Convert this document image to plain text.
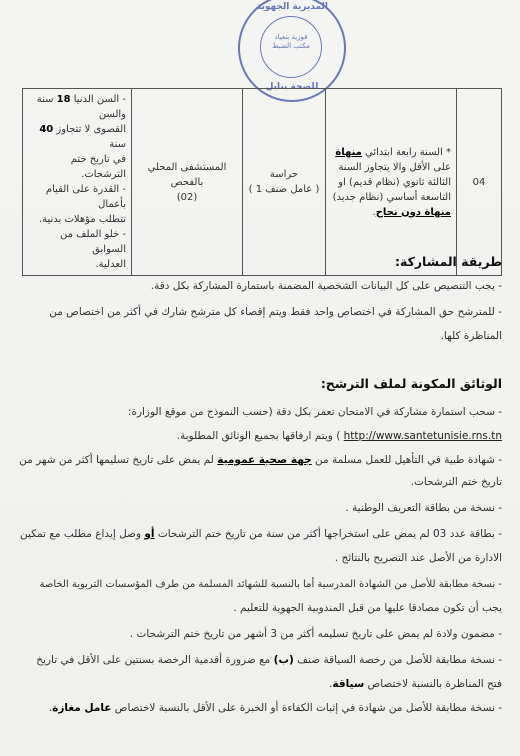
المديرية الجهوية
فوزية بنعياد
مكتب الضبط
للصحة بنابل
04	* السنة رابعة ابتدائي منهاة
على الأقل والا يتجاوز السنة
الثالثة ثانوي (نظام قديم) او
التاسعة أساسي (نظام جديد)
منهاة دون نجاح.	حراسة
( عامل صنف 1 )	المستشفى المحلي
بالفحص
(02)	- السن الدنيا 18 سنة والسن
القصوى لا تتجاوز 40 سنة
في تاريخ ختم الترشحات.
- القدرة على القيام بأعمال
تتطلب مؤهلات بدنية.
- خلو الملف من السوابق
العدلية.	طريقة المشاركة:
- يجب التنصيص على كل البيانات الشخصية المضمنة باستمارة المشاركة بكل دقة.
- للمترشح حق المشاركة في اختصاص واحد فقط ويتم إقصاء كل مترشح شارك في أكثر من اختصاص من
المناظرة كلها.
الوثائق المكونة لملف الترشح:
- سحب استمارة مشاركة في الامتحان تعمر بكل دقة (حسب النموذج من موقع الوزارة:
http://www.santetunisie.rns.tn ) ويتم ارفاقها بجميع الوثائق المطلوبة.
- شهادة طبية في التأهيل للعمل مسلمة من جهة صحية عمومية لم يمض على تاريخ تسليمها أكثر من شهر من
تاريخ ختم الترشحات.
- نسخة من بطاقة التعريف الوطنية .
- بطاقة عدد 03 لم يمض على استخراجها أكثر من سنة من تاريخ ختم الترشحات أو وصل إيداع مطلب مع تمكين
الادارة من الأصل عند التصريح بالنتائج .
- نسخة مطابقة للأصل من الشهادة المدرسية أما بالنسبة للشهائد المسلمة من طرف المؤسسات التربوية الخاصة
يجب أن تكون مصادقا عليها من قبل المندوبية الجهوية للتعليم .
- مضمون ولادة لم يمض على تاريخ تسليمه أكثر من 3 أشهر من تاريخ ختم الترشحات .
- نسخة مطابقة للأصل من رخصة السياقة صنف (ب) مع ضرورة أقدمية الرخصة بسنتين على الأقل في تاريخ
فتح المناظرة بالنسبة لاختصاص سياقة.
- نسخة مطابقة للأصل من شهادة في إثبات الكفاءة أو الخبرة على الأقل بالنسبة لاختصاص عامل مغازة.
